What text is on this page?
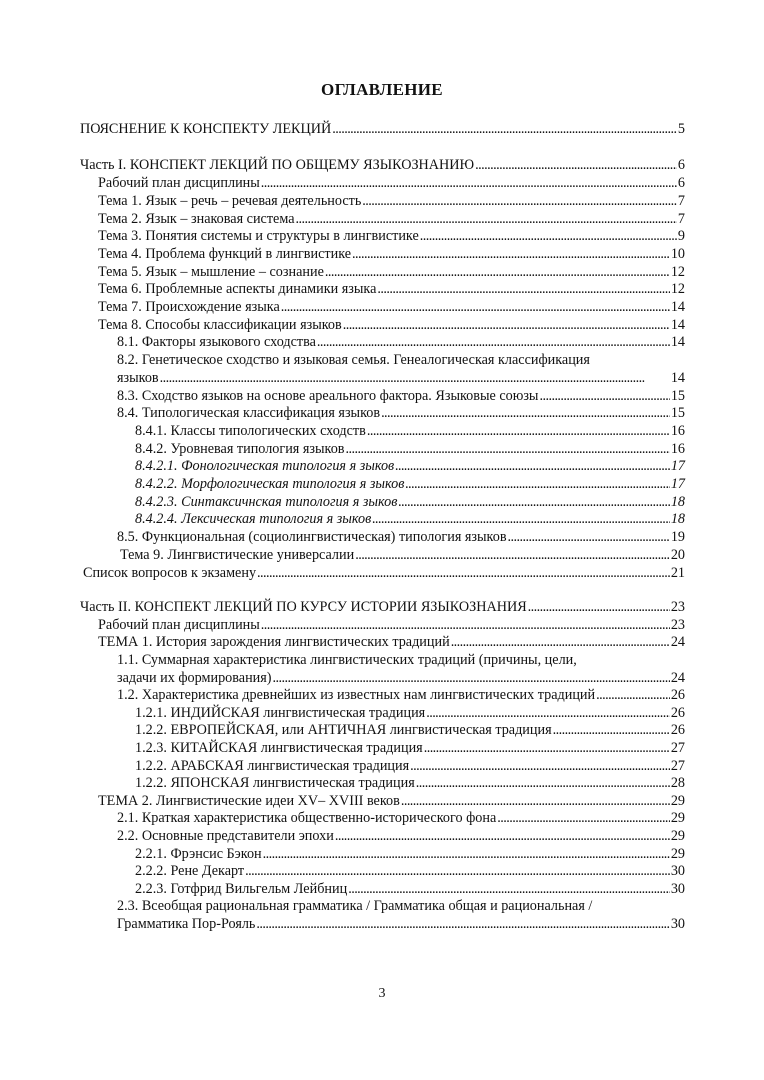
ОГЛАВЛЕНИЕ
ПОЯСНЕНИЕ К КОНСПЕКТУ ЛЕКЦИЙ . . .	5
Часть I. КОНСПЕКТ ЛЕКЦИЙ ПО ОБЩЕМУ ЯЗЫКОЗНАНИЮ . . .	6
Рабочий план дисциплины . . .	6
Тема 1. Язык – речь – речевая деятельность . . .	7
Тема 2. Язык – знаковая система . . .	7
Тема 3. Понятия системы и структуры в лингвистике . . .	9
Тема 4. Проблема функций в лингвистике . . .	10
Тема 5. Язык – мышление – сознание . . .	12
Тема 6. Проблемные аспекты динамики языка . . .	12
Тема 7. Происхождение языка . . .	14
Тема 8. Способы классификации языков . . .	14
8.1. Факторы языкового сходства . . .	14
8.2. Генетическое сходство и языковая семья. Генеалогическая классификация
языков . . .	14
8.3. Сходство языков на основе ареального фактора. Языковые союзы . . .	15
8.4. Типологическая классификация языков . . .	15
8.4.1. Классы типологических сходств . . .	16
8.4.2. Уровневая типология языков . . .	16
8.4.2.1. Фонологическая типология я зыков . . .	17
8.4.2.2. Морфологическая типология я зыков . . .	17
8.4.2.3. Синтаксичнская типология я зыков . . .	18
8.4.2.4. Лексическая типология я зыков . . .	18
8.5. Функциональная (социолингвистическая) типология языков . . .	19
Тема 9. Лингвистические универсалии . . .	20
Список вопросов к экзамену . . .	21
Часть II. КОНСПЕКТ ЛЕКЦИЙ ПО КУРСУ ИСТОРИИ ЯЗЫКОЗНАНИЯ . . .	23
Рабочий план дисциплины . . .	23
ТЕМА 1. История зарождения лингвистических традиций . . .	24
1.1. Суммарная характеристика лингвистических традиций (причины, цели,
задачи их формирования) . . .	24
1.2. Характеристика древнейших из известных нам лингвистических традиций . . .	26
1.2.1. ИНДИЙСКАЯ лингвистическая традиция . . .	26
1.2.2. ЕВРОПЕЙСКАЯ, или АНТИЧНАЯ лингвистическая традиция . . .	26
1.2.3. КИТАЙСКАЯ лингвистическая традиция . . .	27
1.2.2. АРАБСКАЯ лингвистическая традиция . . .	27
1.2.2. ЯПОНСКАЯ лингвистическая традиция . . .	28
ТЕМА 2. Лингвистические идеи XV– XVIII веков . . .	29
2.1. Краткая характеристика общественно-исторического фона . . .	29
2.2. Основные представители эпохи . . .	29
2.2.1. Фрэнсис Бэкон . . .	29
2.2.2. Рене Декарт . . .	30
2.2.3. Готфрид Вильгельм Лейбниц . . .	30
2.3. Всеобщая рациональная грамматика / Грамматика общая и рациональная /
Грамматика Пор-Рояль . . .	30
3
